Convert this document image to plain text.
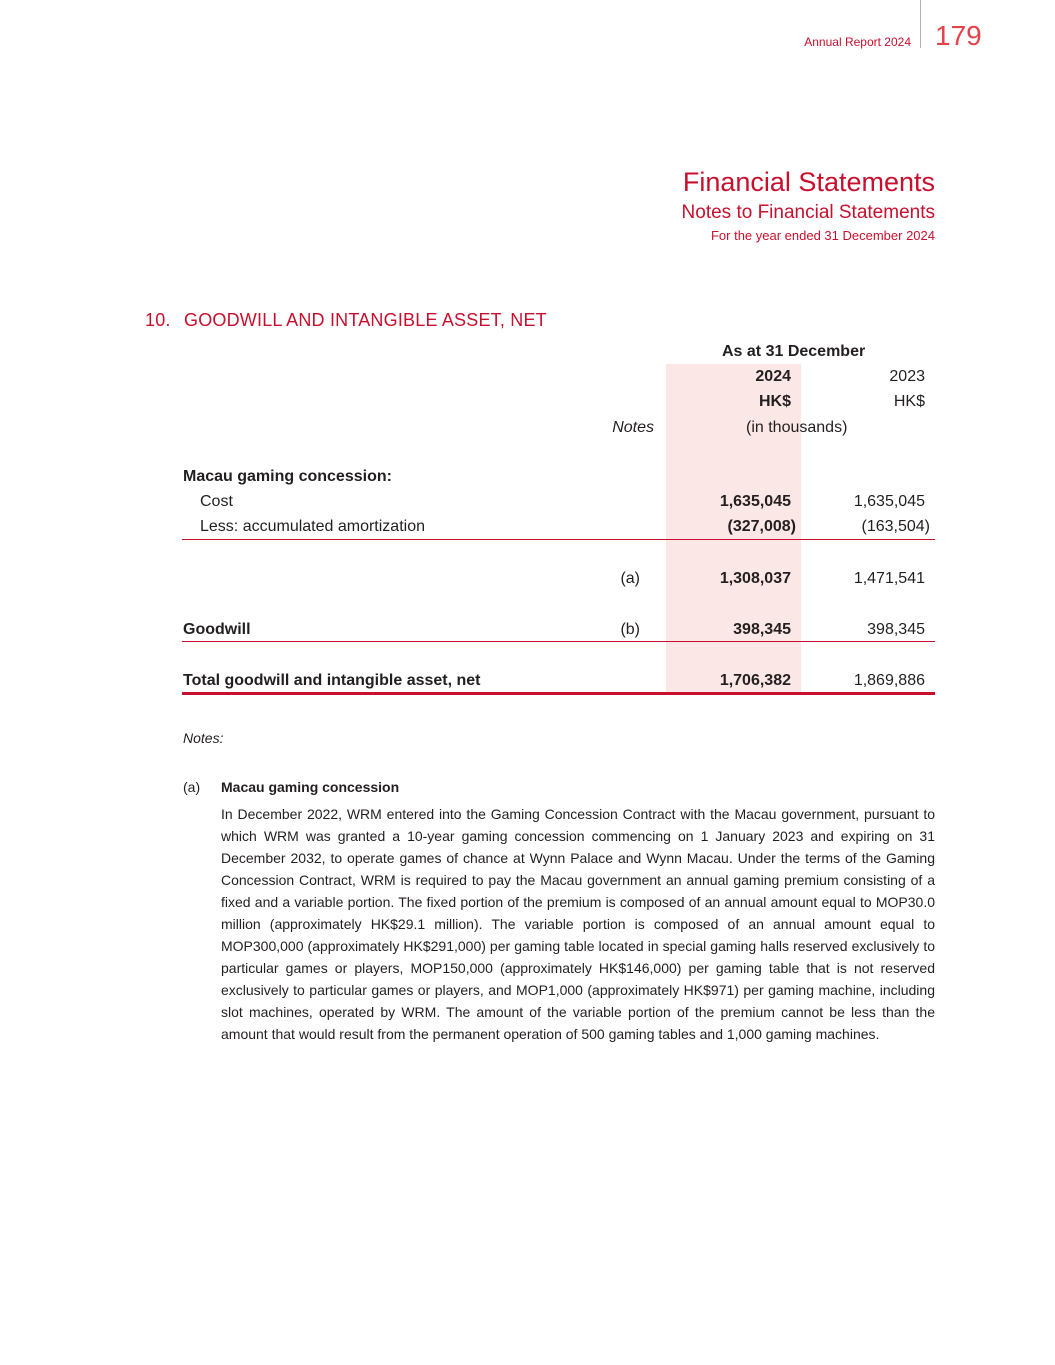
Annual Report 2024 179
Financial Statements
Notes to Financial Statements
For the year ended 31 December 2024
10. GOODWILL AND INTANGIBLE ASSET, NET
As at 31 December
2024	2023
HK$	HK$
Notes	(in thousands)
Macau gaming concession:
Cost	1,635,045	1,635,045
Less: accumulated amortization	(327,008)	(163,504)
(a)	1,308,037	1,471,541
Goodwill	(b)	398,345	398,345
Total goodwill and intangible asset, net	1,706,382	1,869,886
Notes:
(a) Macau gaming concession
In December 2022, WRM entered into the Gaming Concession Contract with the Macau government, pursuant to which WRM was granted a 10-year gaming concession commencing on 1 January 2023 and expiring on 31 December 2032, to operate games of chance at Wynn Palace and Wynn Macau. Under the terms of the Gaming Concession Contract, WRM is required to pay the Macau government an annual gaming premium consisting of a fixed and a variable portion. The fixed portion of the premium is composed of an annual amount equal to MOP30.0 million (approximately HK$29.1 million). The variable portion is composed of an annual amount equal to MOP300,000 (approximately HK$291,000) per gaming table located in special gaming halls reserved exclusively to particular games or players, MOP150,000 (approximately HK$146,000) per gaming table that is not reserved exclusively to particular games or players, and MOP1,000 (approximately HK$971) per gaming machine, including slot machines, operated by WRM. The amount of the variable portion of the premium cannot be less than the amount that would result from the permanent operation of 500 gaming tables and 1,000 gaming machines.
